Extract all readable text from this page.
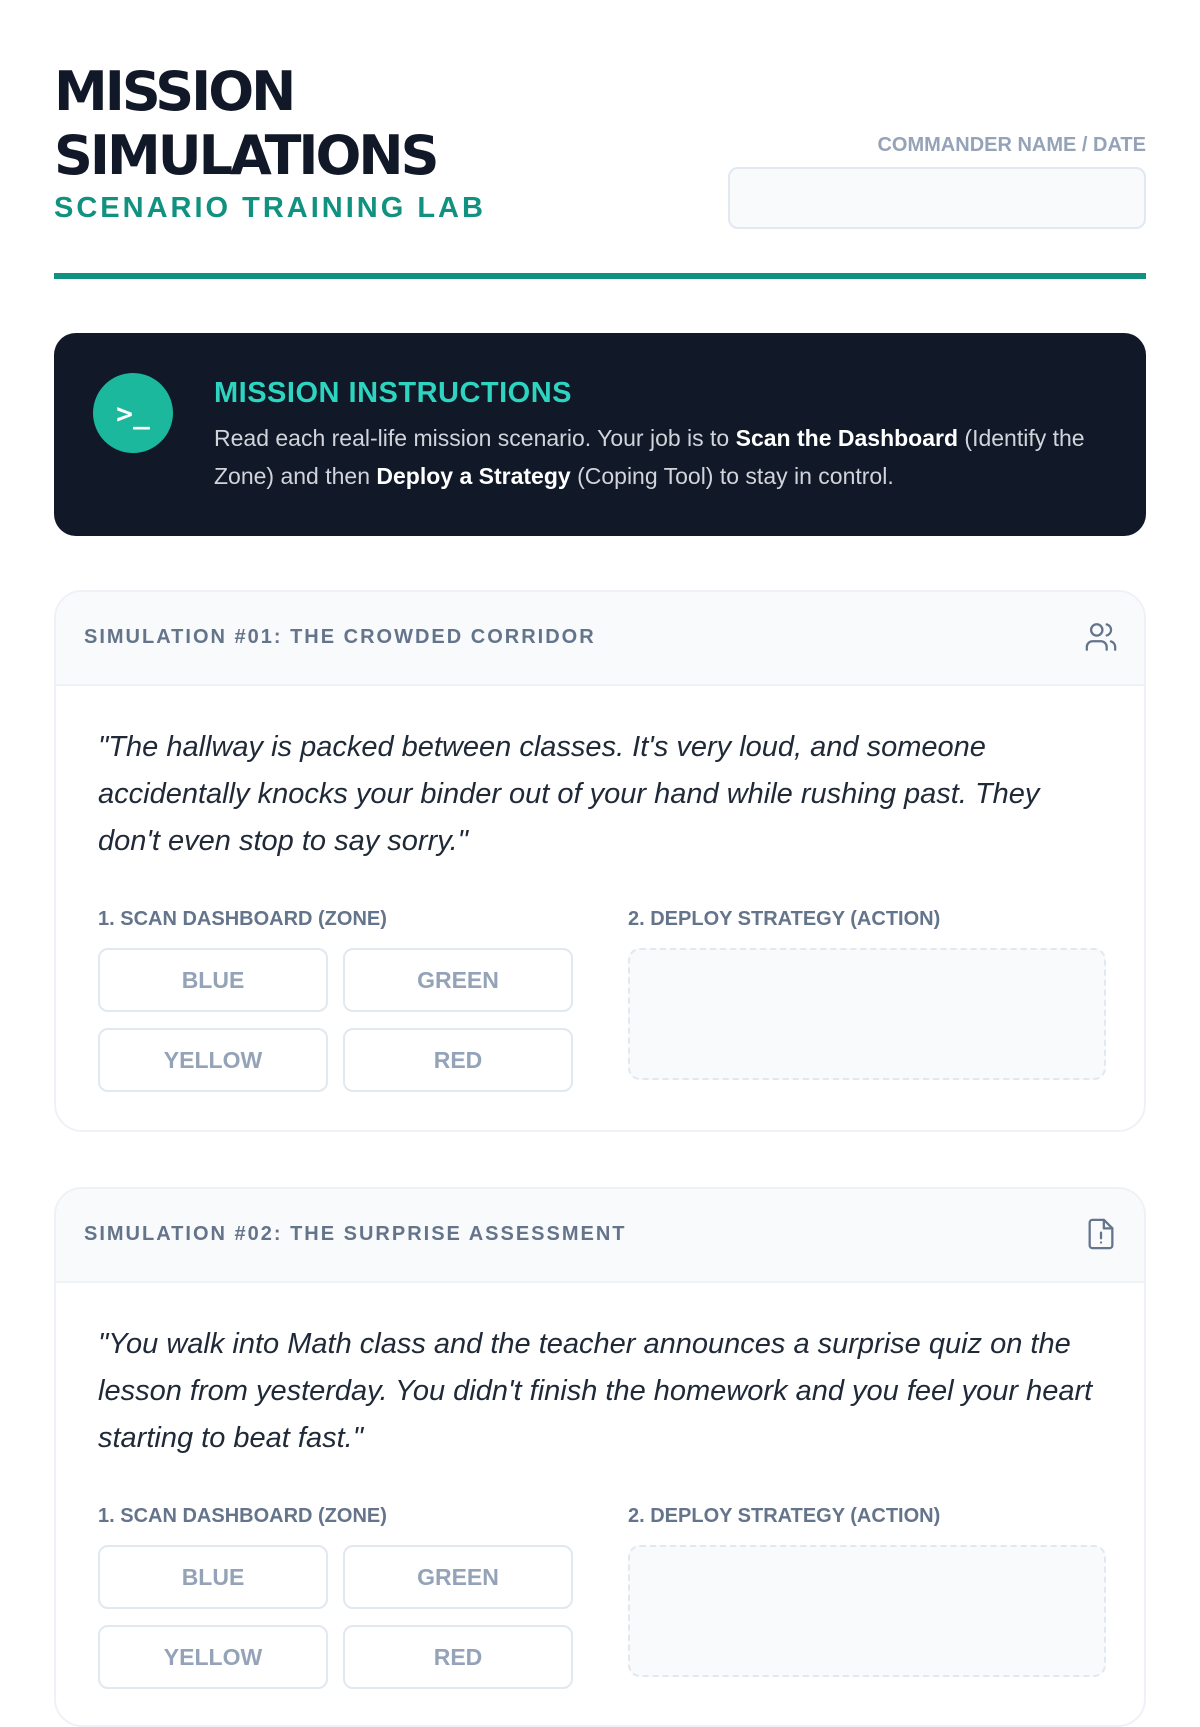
MISSION
SIMULATIONS
SCENARIO TRAINING LAB
COMMANDER NAME / DATE
>_
MISSION INSTRUCTIONS
Read each real-life mission scenario. Your job is to Scan the Dashboard (Identify the Zone) and then Deploy a Strategy (Coping Tool) to stay in control.
SIMULATION #01: THE CROWDED CORRIDOR
"The hallway is packed between classes. It's very loud, and someone accidentally knocks your binder out of your hand while rushing past. They don't even stop to say sorry."
1. SCAN DASHBOARD (ZONE)	2. DEPLOY STRATEGY (ACTION)
BLUE	GREEN
YELLOW	RED
SIMULATION #02: THE SURPRISE ASSESSMENT
"You walk into Math class and the teacher announces a surprise quiz on the lesson from yesterday. You didn't finish the homework and you feel your heart starting to beat fast."
1. SCAN DASHBOARD (ZONE)	2. DEPLOY STRATEGY (ACTION)
BLUE	GREEN
YELLOW	RED
